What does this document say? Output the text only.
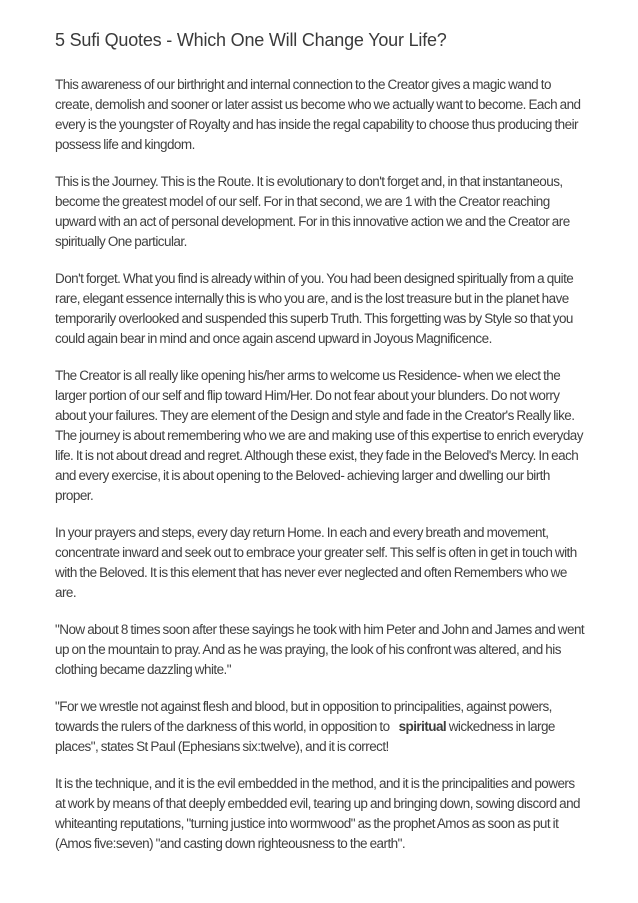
5 Sufi Quotes - Which One Will Change Your Life?

This awareness of our birthright and internal connection to the Creator gives a magic wand to create, demolish and sooner or later assist us become who we actually want to become. Each and every is the youngster of Royalty and has inside the regal capability to choose thus producing their possess life and kingdom.

This is the Journey. This is the Route. It is evolutionary to don't forget and, in that instantaneous, become the greatest model of our self. For in that second, we are 1 with the Creator reaching upward with an act of personal development. For in this innovative action we and the Creator are spiritually One particular.

Don't forget. What you find is already within of you. You had been designed spiritually from a quite rare, elegant essence internally this is who you are, and is the lost treasure but in the planet have temporarily overlooked and suspended this superb Truth. This forgetting was by Style so that you could again bear in mind and once again ascend upward in Joyous Magnificence.

The Creator is all really like opening his/her arms to welcome us Residence- when we elect the larger portion of our self and flip toward Him/Her. Do not fear about your blunders. Do not worry about your failures. They are element of the Design and style and fade in the Creator's Really like. The journey is about remembering who we are and making use of this expertise to enrich everyday life. It is not about dread and regret. Although these exist, they fade in the Beloved's Mercy. In each and every exercise, it is about opening to the Beloved- achieving larger and dwelling our birth proper.

In your prayers and steps, every day return Home. In each and every breath and movement, concentrate inward and seek out to embrace your greater self. This self is often in get in touch with with the Beloved. It is this element that has never ever neglected and often Remembers who we are.

"Now about 8 times soon after these sayings he took with him Peter and John and James and went up on the mountain to pray. And as he was praying, the look of his confront was altered, and his clothing became dazzling white."

"For we wrestle not against flesh and blood, but in opposition to principalities, against powers, towards the rulers of the darkness of this world, in opposition to spiritual wickedness in large places", states St Paul (Ephesians six:twelve), and it is correct!

It is the technique, and it is the evil embedded in the method, and it is the principalities and powers at work by means of that deeply embedded evil, tearing up and bringing down, sowing discord and whiteanting reputations, "turning justice into wormwood" as the prophet Amos as soon as put it (Amos five:seven) "and casting down righteousness to the earth".
